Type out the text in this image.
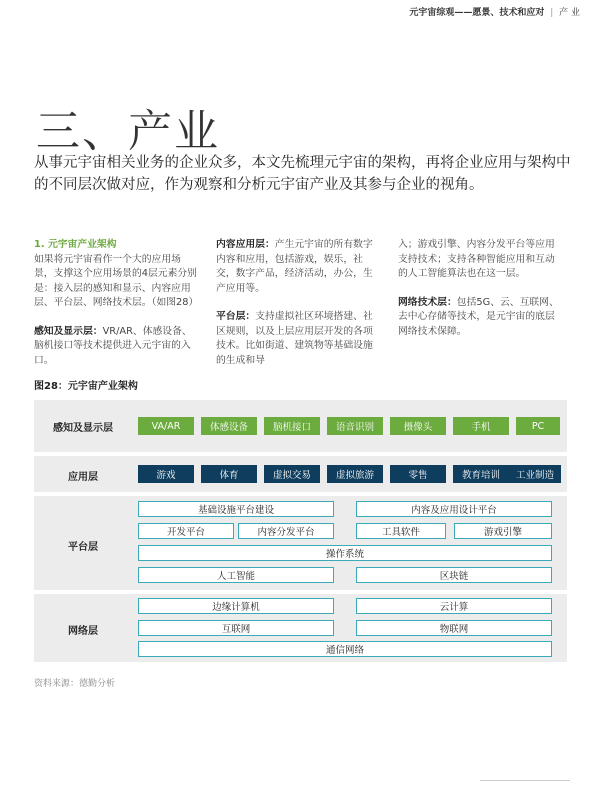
元宇宙综观——愿景、技术和应对 | 产 业
三、产业
从事元宇宙相关业务的企业众多，本文先梳理元宇宙的架构，再将企业应用与架构中的不同层次做对应，作为观察和分析元宇宙产业及其参与企业的视角。

1. 元宇宙产业架构
如果将元宇宙看作一个大的应用场景，支撑这个应用场景的4层元素分别是：接入层的感知和显示、内容应用层、平台层、网络技术层。（如图28）

感知及显示层：VR/AR、体感设备、脑机接口等技术提供进入元宇宙的入口。

内容应用层：产生元宇宙的所有数字内容和应用，包括游戏，娱乐，社交，数字产品，经济活动，办公，生产应用等。

平台层：支持虚拟社区环境搭建、社区规则，以及上层应用层开发的各项技术。比如街道、建筑物等基础设施的生成和导

入；游戏引擎、内容分发平台等应用支持技术；支持各种智能应用和互动的人工智能算法也在这一层。

网络技术层：包括5G、云、互联网、去中心存储等技术，是元宇宙的底层网络技术保障。

图28：元宇宙产业架构
感知及显示层	VA/AR	体感设备	脑机接口	语音识别	摄像头	手机	PC
应用层	游戏	体育	虚拟交易	虚拟旅游	零售	教育培训	工业制造
平台层
基础设施平台建设	内容及应用设计平台
开发平台	内容分发平台	工具软件	游戏引擎
操作系统
人工智能	区块链
网络层
边缘计算机	云计算
互联网	物联网
通信网络
资料来源：德勤分析
